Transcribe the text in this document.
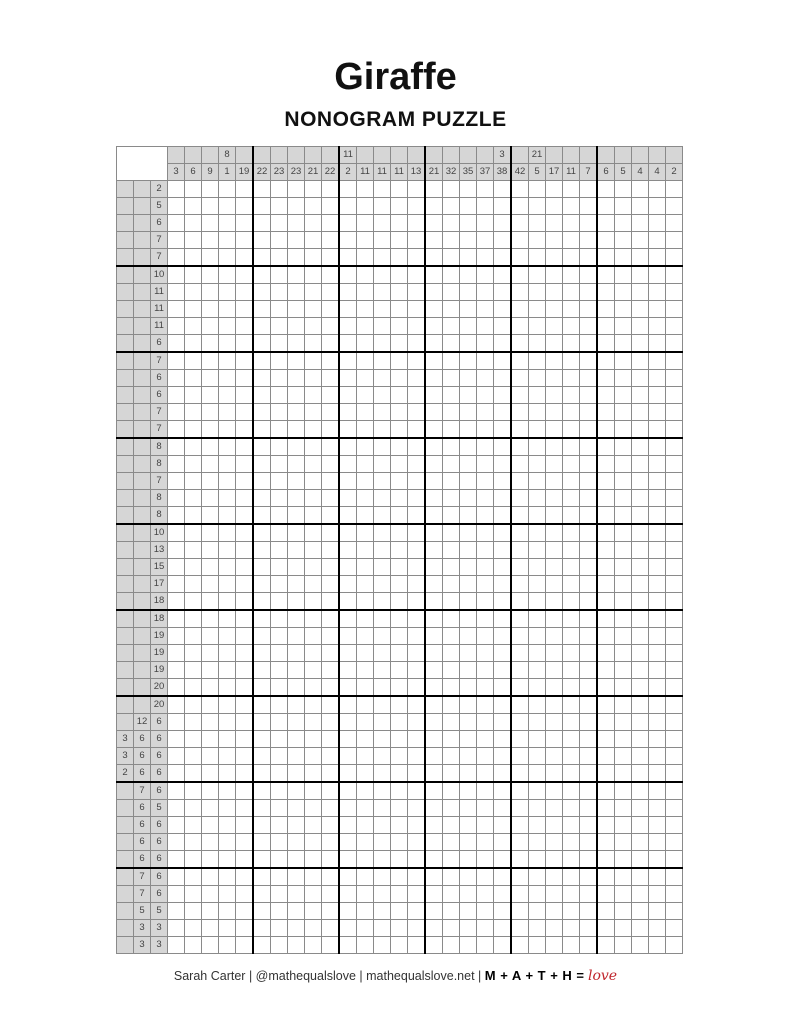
Giraffe
NONOGRAM PUZZLE
						8							11									3		21								
			3	6	9	1	19	22	23	23	21	22	2	11	11	11	13	21	32	35	37	38	42	5	17	11	7	6	5	4	4	2
		2																														
		5																														
		6																														
		7																														
		7																														
		10																														
		11																														
		11																														
		11																														
		6																														
		7																														
		6																														
		6																														
		7																														
		7																														
		8																														
		8																														
		7																														
		8																														
		8																														
		10																														
		13																														
		15																														
		17																														
		18																														
		18																														
		19																														
		19																														
		19																														
		20																														
		20																														
	12	6																														
3	6	6																														
3	6	6																														
2	6	6																														
	7	6																														
	6	5																														
	6	6																														
	6	6																														
	6	6																														
	7	6																														
	7	6																														
	5	5																														
	3	3																														
	3	3																														
Sarah Carter | @mathequalslove | mathequalslove.net | M + A + T + H = love
